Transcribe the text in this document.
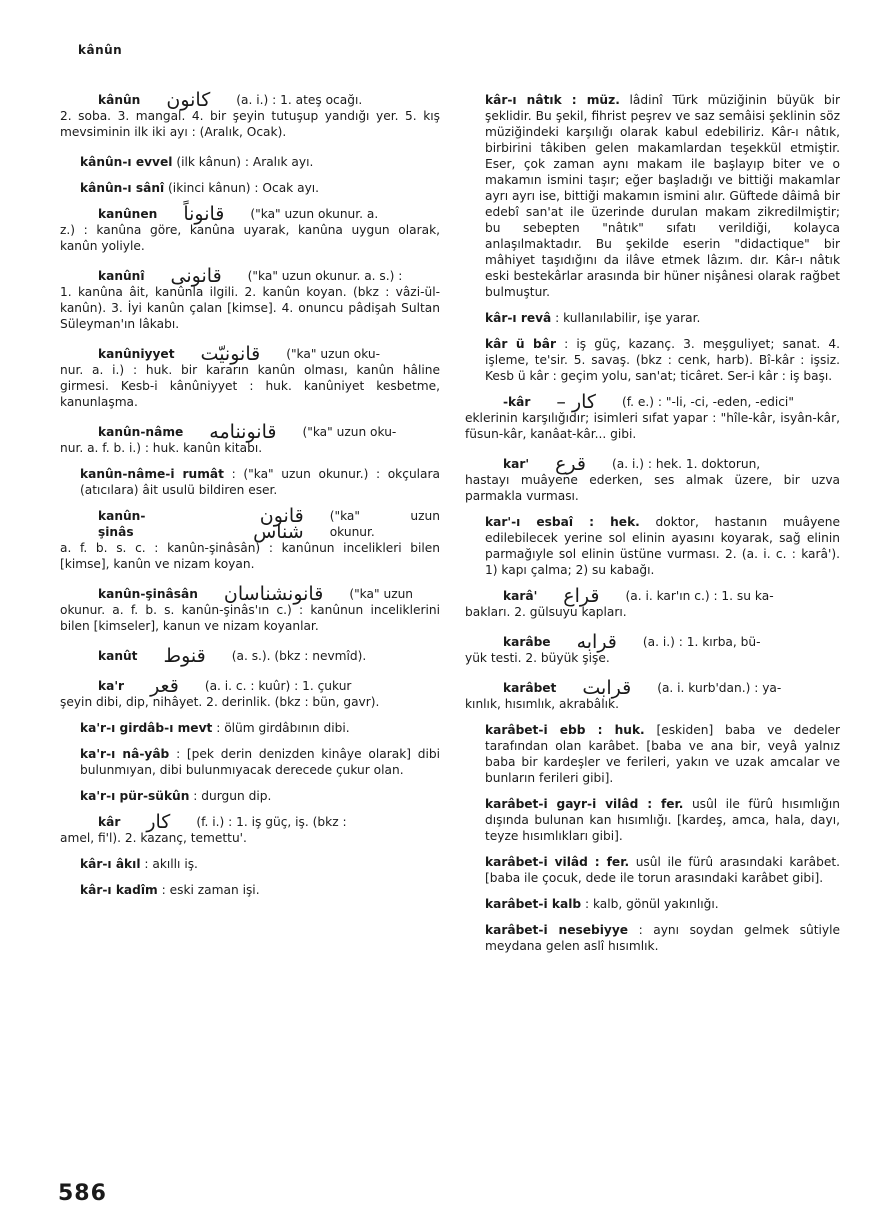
kânûn
kânûn كانون (a. i.) : 1. ateş ocağı.
2. soba. 3. mangal. 4. bir şeyin tutuşup yandığı yer. 5. kış mevsiminin ilk iki ayı : (Aralık, Ocak).
kânûn-ı evvel (ilk kânun) : Aralık ayı.
kânûn-ı sânî (ikinci kânun) : Ocak ayı.
kanûnen قانوناً ("ka" uzun okunur. a.
z.) : kanûna göre, kanûna uyarak, kanûna uygun olarak, kanûn yoliyle.
kanûnî قانونى ("ka" uzun okunur. a. s.) :
1. kanûna âit, kanûnla ilgili. 2. kanûn koyan. (bkz : vâzi-ül-kanûn). 3. İyi kanûn çalan [kimse]. 4. onuncu pâdişah Sultan Süleyman'ın lâkabı.
kanûniyyet قانونيّت ("ka" uzun oku-
nur. a. i.) : huk. bir kararın kanûn olması, kanûn hâline girmesi. Kesb-i kânûniyyet : huk. kanûniyet kesbetme, kanunlaşma.
kanûn-nâme قانوننامه ("ka" uzun oku-
nur. a. f. b. i.) : huk. kanûn kitabı.
kanûn-nâme-i rumât : ("ka" uzun okunur.) : okçulara (atıcılara) âit usulü bildiren eser.
kanûn-şinâs
قانون شناس
("ka" uzun okunur.
a. f. b. s. c. : kanûn-şinâsân) : kanûnun incelikleri bilen [kimse], kanûn ve nizam koyan.
kanûn-şinâsân قانونشناسان ("ka" uzun
okunur. a. f. b. s. kanûn-şinâs'ın c.) : kanûnun inceliklerini bilen [kimseler], kanun ve nizam koyanlar.
kanût قنوط (a. s.). (bkz : nevmîd).
ka'r قعر (a. i. c. : kuûr) : 1. çukur
şeyin dibi, dip, nihâyet. 2. derinlik. (bkz : bün, gavr).
ka'r-ı girdâb-ı mevt : ölüm girdâbının dibi.
ka'r-ı nâ-yâb : [pek derin denizden kinâye olarak] dibi bulunmıyan, dibi bulunmıyacak derecede çukur olan.
ka'r-ı pür-sükûn : durgun dip.
kâr كار (f. i.) : 1. iş güç, iş. (bkz :
amel, fi'l). 2. kazanç, temettu'.
kâr-ı âkıl : akıllı iş.
kâr-ı kadîm : eski zaman işi.
kâr-ı nâtık : müz. lâdinî Türk müziğinin büyük bir şeklidir. Bu şekil, fihrist peşrev ve saz semâisi şeklinin söz müziğindeki karşılığı olarak kabul edebiliriz. Kâr-ı nâtık, birbirini tâkiben gelen makamlardan teşekkül etmiştir. Eser, çok zaman aynı makam ile başlayıp biter ve o makamın ismini taşır; eğer başladığı ve bittiği makamlar ayrı ayrı ise, bittiği makamın ismini alır. Güftede dâimâ bir edebî san'at ile üzerinde durulan makam zikredilmiştir; bu sebepten "nâtık" sıfatı verildiği, kolayca anlaşılmaktadır. Bu şekilde eserin "didactique" bir mâhiyet taşıdığını da ilâve etmek lâzım. dır. Kâr-ı nâtık eski bestekârlar arasında bir hüner nişânesi olarak rağbet bulmuştur.
kâr-ı revâ : kullanılabilir, işe yarar.
kâr ü bâr : iş güç, kazanç. 3. meşguliyet; sanat. 4. işleme, te'sir. 5. savaş. (bkz : cenk, harb). Bî-kâr : işsiz. Kesb ü kâr : geçim yolu, san'at; ticâret. Ser-i kâr : iş başı.
-kâr كار – (f. e.) : "-li, -ci, -eden, -edici"
eklerinin karşılığıdır; isimleri sıfat yapar : "hîle-kâr, isyân-kâr, füsun-kâr, kanâat-kâr... gibi.
kar' قرع (a. i.) : hek. 1. doktorun,
hastayı muâyene ederken, ses almak üzere, bir uzva parmakla vurması.
kar'-ı esbaî : hek. doktor, hastanın muâyene edilebilecek yerine sol elinin ayasını koyarak, sağ elinin parmağıyle sol elinin üstüne vurması. 2. (a. i. c. : karâ'). 1) kapı çalma; 2) su kabağı.
karâ' قراع (a. i. kar'ın c.) : 1. su ka-
bakları. 2. gülsuyu kapları.
karâbe قرابه (a. i.) : 1. kırba, bü-
yük testi. 2. büyük şişe.
karâbet قرابت (a. i. kurb'dan.) : ya-
kınlık, hısımlık, akrabâlık.
karâbet-i ebb : huk. [eskiden] baba ve dedeler tarafından olan karâbet. [baba ve ana bir, veyâ yalnız baba bir kardeşler ve ferileri, yakın ve uzak amcalar ve bunların ferileri gibi].
karâbet-i gayr-i vilâd : fer. usûl ile fürû hısımlığın dışında bulunan kan hısımlığı. [kardeş, amca, hala, dayı, teyze hısımlıkları gibi].
karâbet-i vilâd : fer. usûl ile fürû arasındaki karâbet. [baba ile çocuk, dede ile torun arasındaki karâbet gibi].
karâbet-i kalb : kalb, gönül yakınlığı.
karâbet-i nesebiyye : aynı soydan gelmek sûtiyle meydana gelen aslî hısımlık.
586
